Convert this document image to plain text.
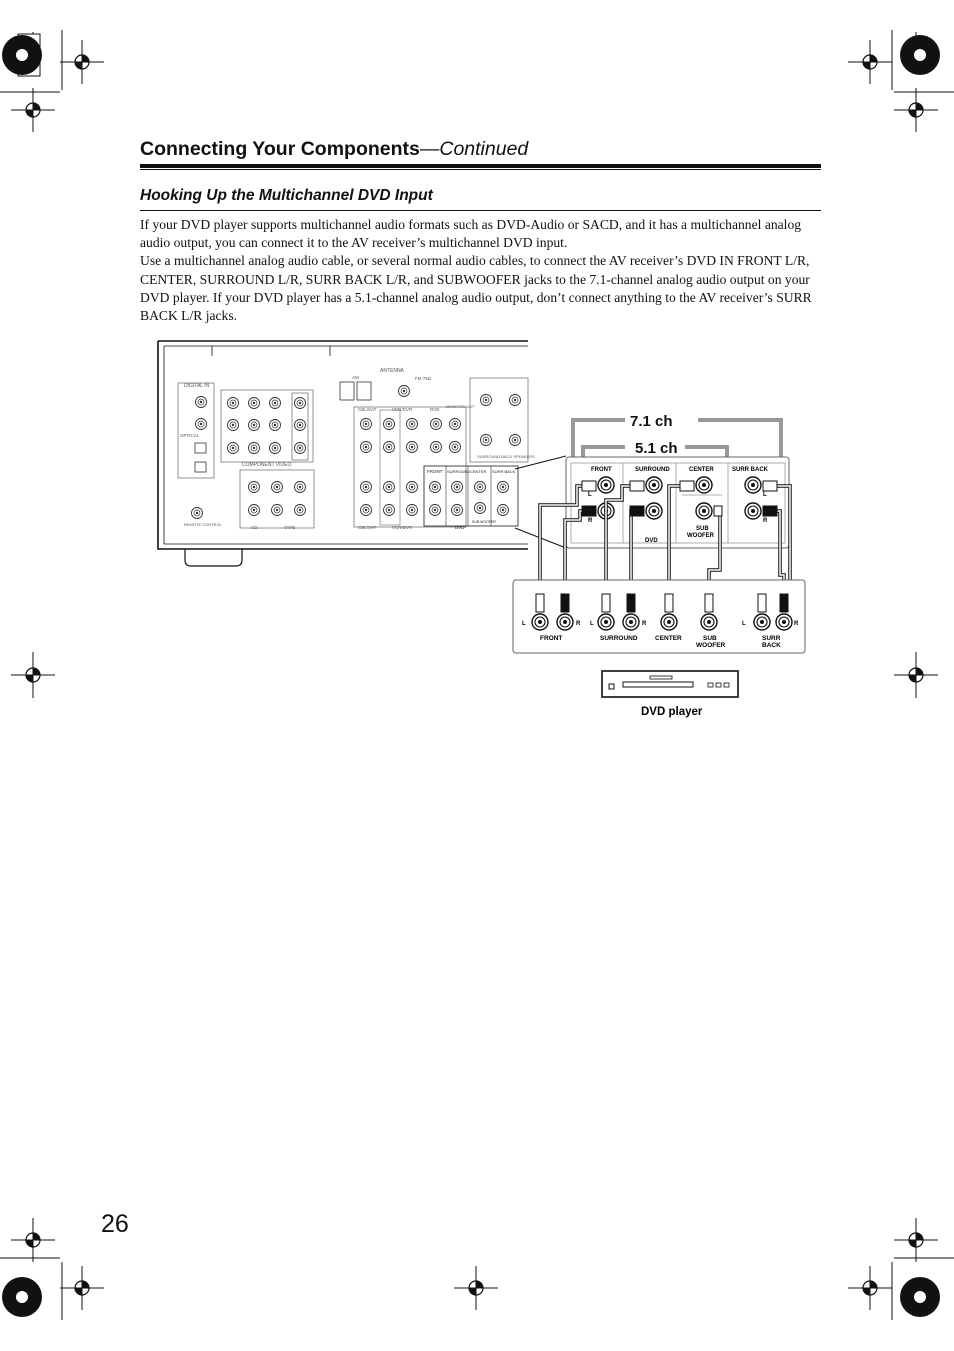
Connecting Your Components—Continued
Hooking Up the Multichannel DVD Input

If your DVD player supports multichannel audio formats such as DVD-Audio or SACD, and it has a multichannel analog audio output, you can connect it to the AV receiver’s multichannel DVD input.

Use a multichannel analog audio cable, or several normal audio cables, to connect the AV receiver’s DVD IN FRONT L/R, CENTER, SURROUND L/R, SURR BACK L/R, and SUBWOOFER jacks to the 7.1-channel analog audio output on your DVD player. If your DVD player has a 5.1-channel analog audio output, don’t connect anything to the AV receiver’s SURR BACK L/R jacks.

DIGITAL IN
OPTICAL
COMPONENT VIDEO
CD	TAPE
REMOTE CONTROL
ANTENNA
AM	FM 75Ω
CBL/SAT	VCR/DVR	DVD
MONITOR OUT
CBL/SAT	VCR/DVR
FRONT SURROUND CENTER SURR BACK
DVD
SUB WOOFER
SURROUND BACK SPEAKERS
7.1 ch
5.1 ch
FRONT	SURROUND	CENTER	SURR BACK
L
R
L
R
DVD
SUB
WOOFER
L	R L	R	L	R
FRONT	SURROUND	CENTER	SUB
WOOFER
SURR
BACK
DVD player
26
